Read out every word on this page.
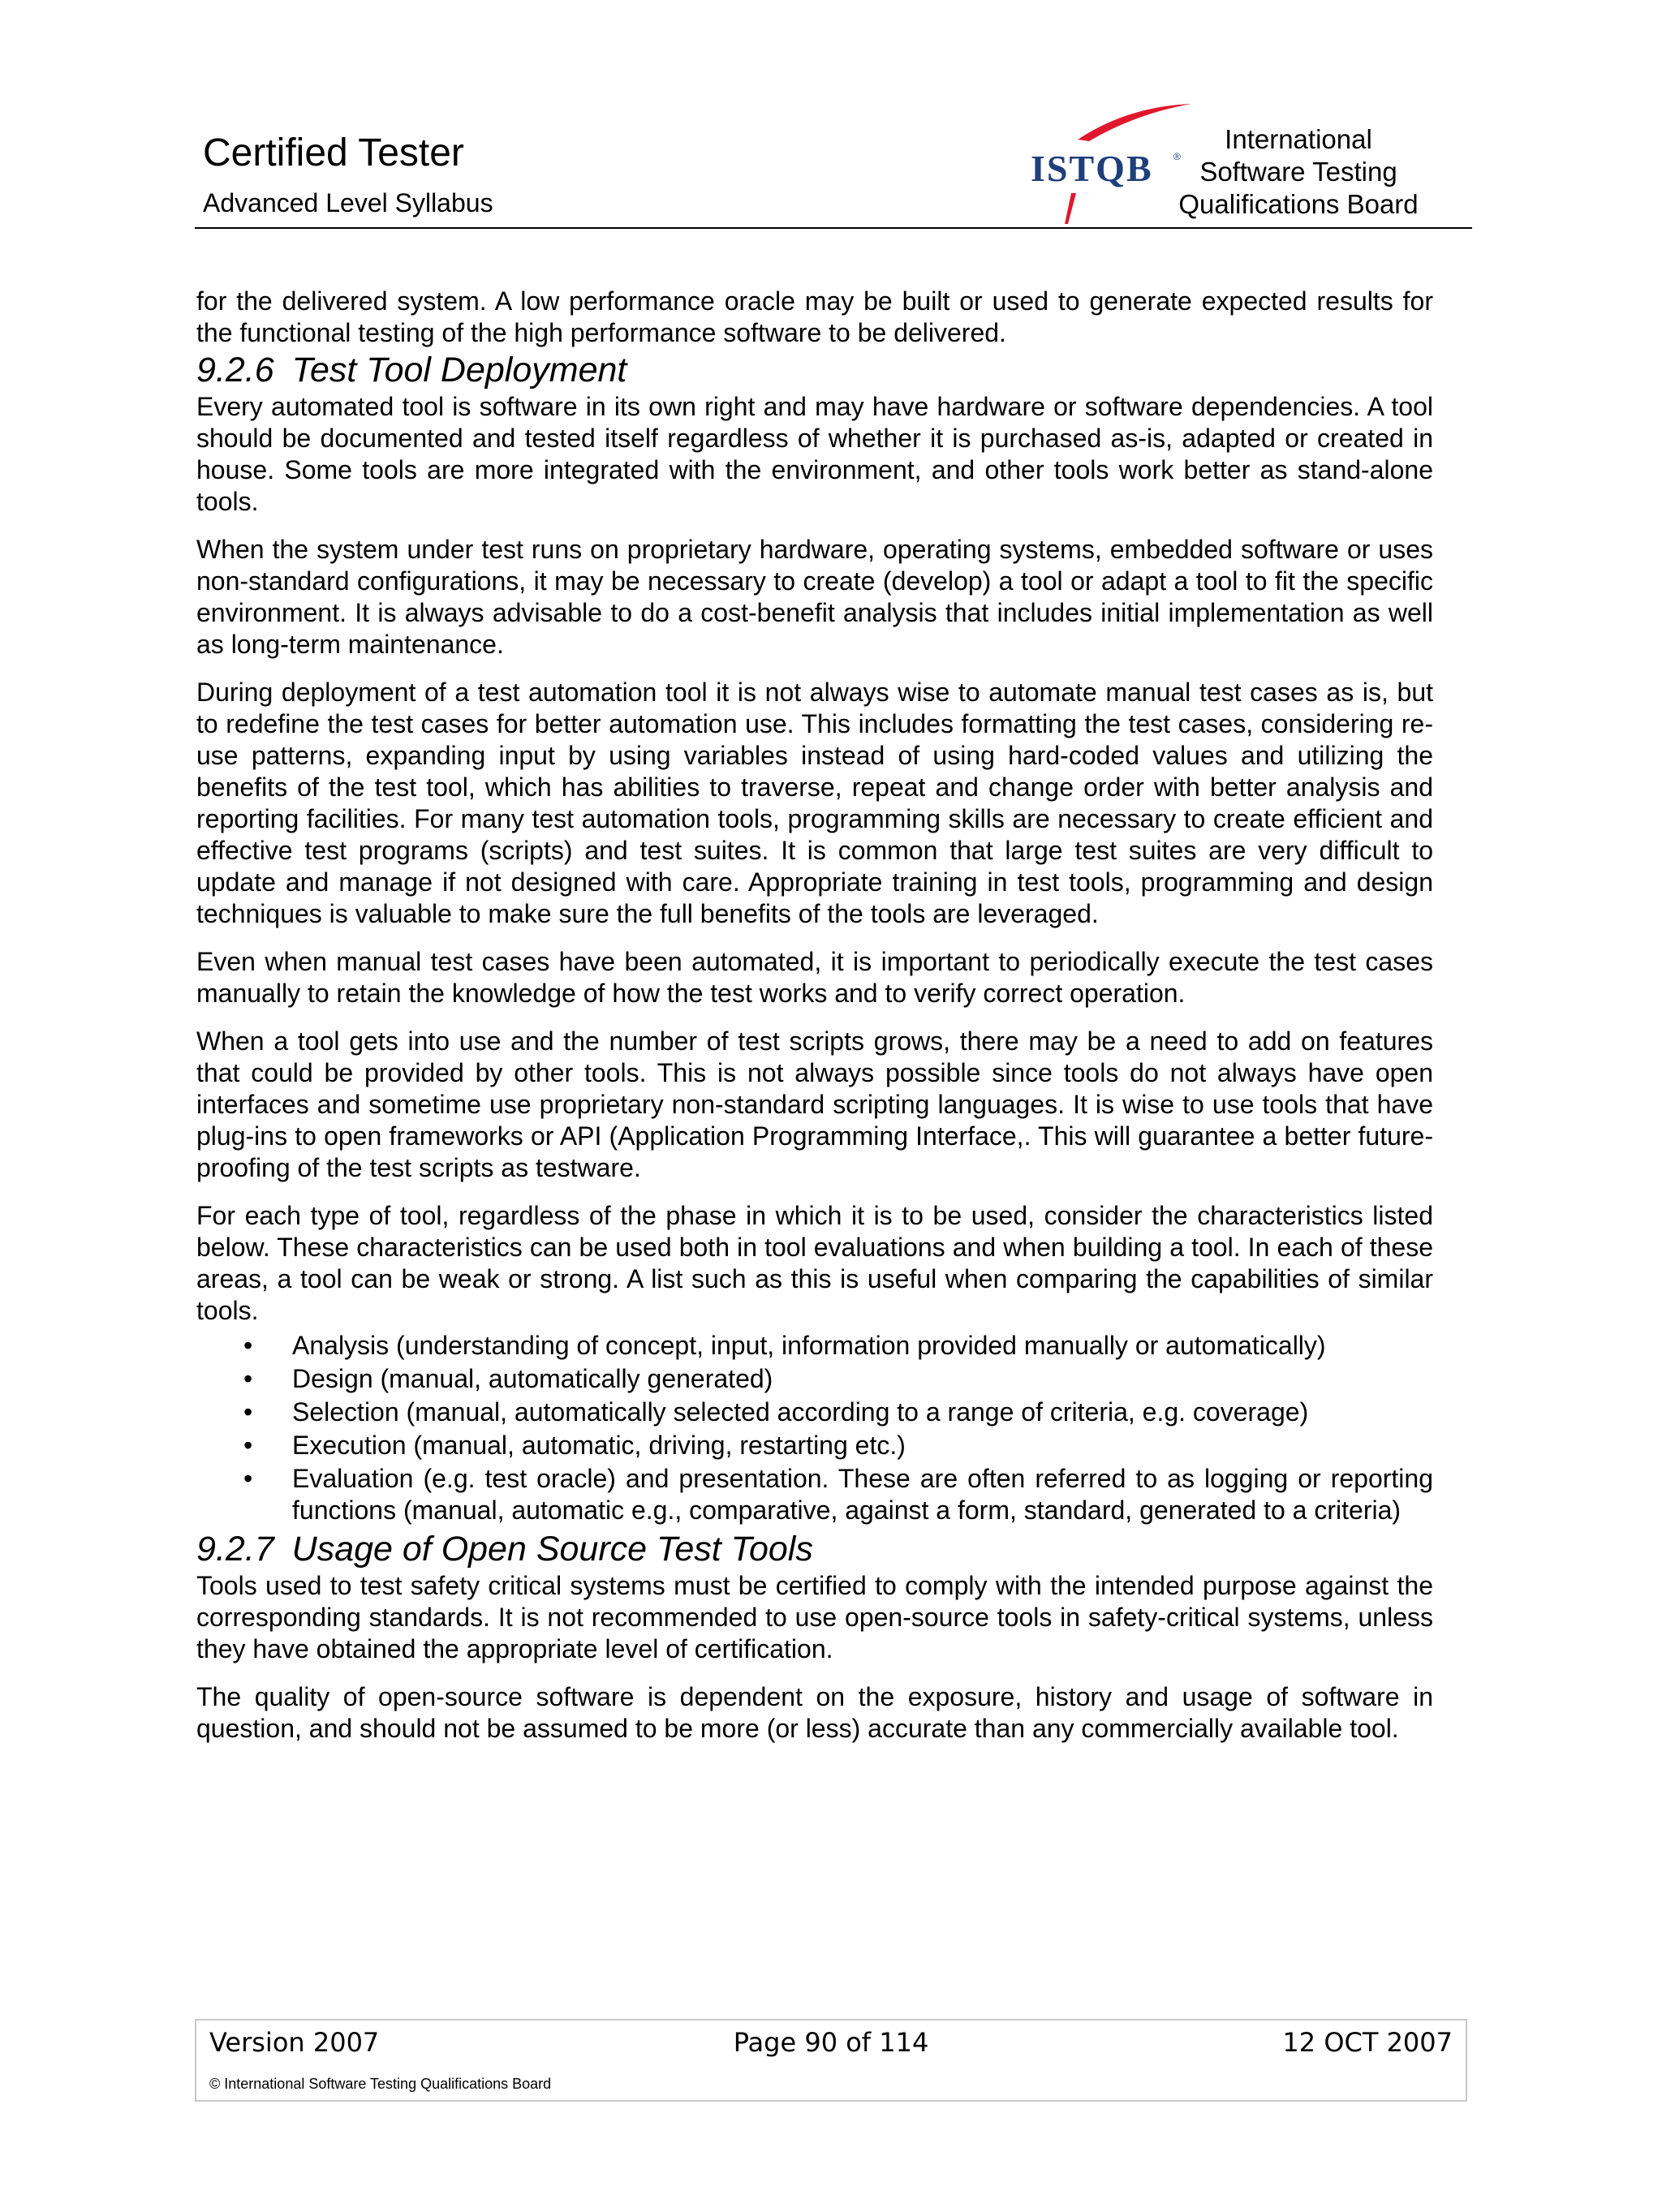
Certified Tester
Advanced Level Syllabus
ISTQB ®
International
Software Testing
Qualifications Board

for the delivered system. A low performance oracle may be built or used to generate expected results for the functional testing of the high performance software to be delivered.

9.2.6 Test Tool Deployment

Every automated tool is software in its own right and may have hardware or software dependencies. A tool should be documented and tested itself regardless of whether it is purchased as-is, adapted or created in house. Some tools are more integrated with the environment, and other tools work better as stand-alone tools.

When the system under test runs on proprietary hardware, operating systems, embedded software or uses non-standard configurations, it may be necessary to create (develop) a tool or adapt a tool to fit the specific environment. It is always advisable to do a cost-benefit analysis that includes initial implementation as well as long-term maintenance.

During deployment of a test automation tool it is not always wise to automate manual test cases as is, but to redefine the test cases for better automation use. This includes formatting the test cases, considering re-use patterns, expanding input by using variables instead of using hard-coded values and utilizing the benefits of the test tool, which has abilities to traverse, repeat and change order with better analysis and reporting facilities. For many test automation tools, programming skills are necessary to create efficient and effective test programs (scripts) and test suites. It is common that large test suites are very difficult to update and manage if not designed with care. Appropriate training in test tools, programming and design techniques is valuable to make sure the full benefits of the tools are leveraged.

Even when manual test cases have been automated, it is important to periodically execute the test cases manually to retain the knowledge of how the test works and to verify correct operation.

When a tool gets into use and the number of test scripts grows, there may be a need to add on features that could be provided by other tools. This is not always possible since tools do not always have open interfaces and sometime use proprietary non-standard scripting languages. It is wise to use tools that have plug-ins to open frameworks or API (Application Programming Interface,. This will guarantee a better future-proofing of the test scripts as testware.

For each type of tool, regardless of the phase in which it is to be used, consider the characteristics listed below. These characteristics can be used both in tool evaluations and when building a tool. In each of these areas, a tool can be weak or strong. A list such as this is useful when comparing the capabilities of similar tools.

• Analysis (understanding of concept, input, information provided manually or automatically)
• Design (manual, automatically generated)
• Selection (manual, automatically selected according to a range of criteria, e.g. coverage)
• Execution (manual, automatic, driving, restarting etc.)
• Evaluation (e.g. test oracle) and presentation. These are often referred to as logging or reporting functions (manual, automatic e.g., comparative, against a form, standard, generated to a criteria)
9.2.7 Usage of Open Source Test Tools

Tools used to test safety critical systems must be certified to comply with the intended purpose against the corresponding standards. It is not recommended to use open-source tools in safety-critical systems, unless they have obtained the appropriate level of certification.

The quality of open-source software is dependent on the exposure, history and usage of software in question, and should not be assumed to be more (or less) accurate than any commercially available tool.

Version 2007	Page 90 of 114	12 OCT 2007
© International Software Testing Qualifications Board
